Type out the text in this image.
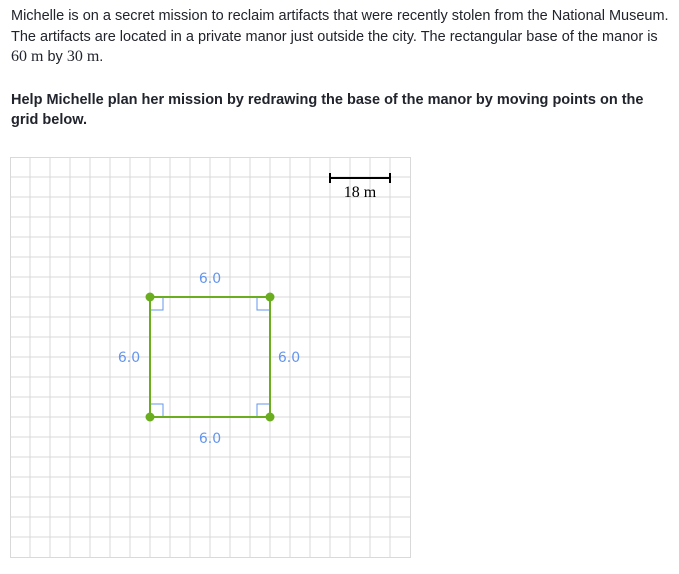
Michelle is on a secret mission to reclaim artifacts that were recently stolen from the National Museum. The artifacts are located in a private manor just outside the city. The rectangular base of the manor is 60 m by 30 m.

Help Michelle plan her mission by redrawing the base of the manor by moving points on the grid below.

18 m
6.0
6.0
6.0	6.0
